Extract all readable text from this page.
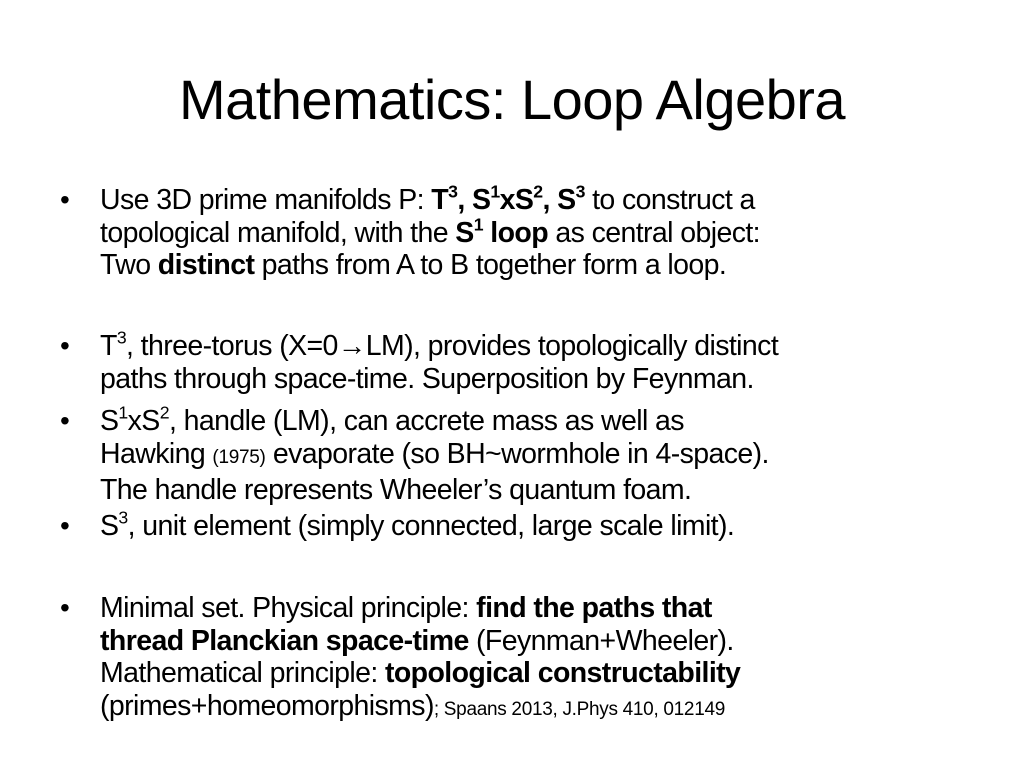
Mathematics: Loop Algebra
• Use 3D prime manifolds P: $T^3$, $S^1xS^2$, $S^3$ to construct a
topological manifold, with the $S^1$ loop as central object:
Two distinct paths from A to B together form a loop.
• $T^3$, three-torus (X=0→LM), provides topologically distinct
paths through space-time. Superposition by Feynman.
• $S^1xS^2$, handle (LM), can accrete mass as well as
Hawking (1975) evaporate (so BH~wormhole in 4-space).
The handle represents Wheeler’s quantum foam.
• $S^3$, unit element (simply connected, large scale limit).
• Minimal set. Physical principle: find the paths that
thread Planckian space-time (Feynman+Wheeler).
Mathematical principle: topological constructability
(primes+homeomorphisms); Spaans 2013, J.Phys 410, 012149
